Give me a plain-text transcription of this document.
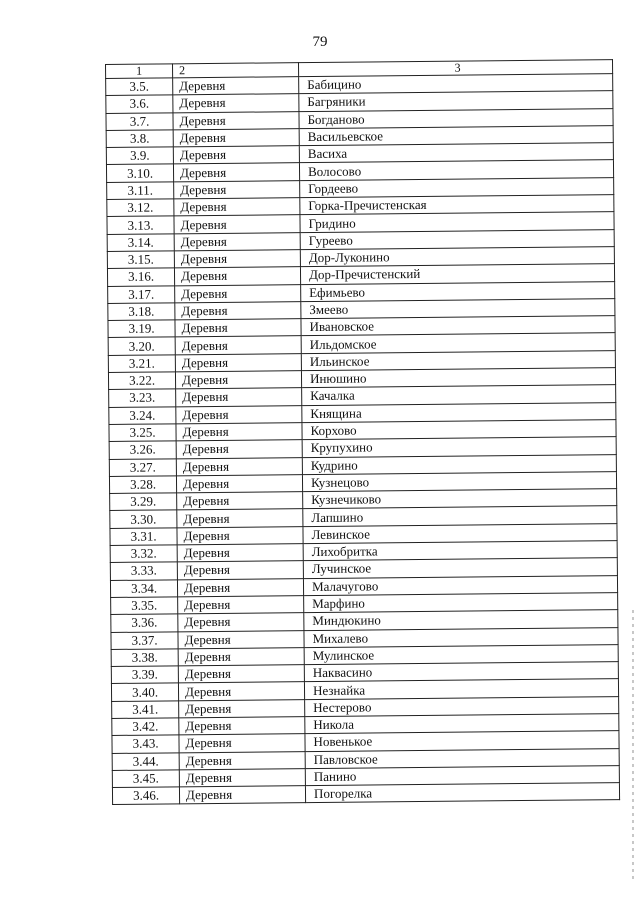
79
1	2	3
3.5.	Деревня	Бабицино
3.6.	Деревня	Багряники
3.7.	Деревня	Богданово
3.8.	Деревня	Васильевское
3.9.	Деревня	Васиха
3.10.	Деревня	Волосово
3.11.	Деревня	Гордеево
3.12.	Деревня	Горка-Пречистенская
3.13.	Деревня	Гридино
3.14.	Деревня	Гуреево
3.15.	Деревня	Дор-Луконино
3.16.	Деревня	Дор-Пречистенский
3.17.	Деревня	Ефимьево
3.18.	Деревня	Змеево
3.19.	Деревня	Ивановское
3.20.	Деревня	Ильдомское
3.21.	Деревня	Ильинское
3.22.	Деревня	Инюшино
3.23.	Деревня	Качалка
3.24.	Деревня	Княщина
3.25.	Деревня	Корхово
3.26.	Деревня	Крупухино
3.27.	Деревня	Кудрино
3.28.	Деревня	Кузнецово
3.29.	Деревня	Кузнечиково
3.30.	Деревня	Лапшино
3.31.	Деревня	Левинское
3.32.	Деревня	Лихобритка
3.33.	Деревня	Лучинское
3.34.	Деревня	Малачугово
3.35.	Деревня	Марфино
3.36.	Деревня	Миндюкино
3.37.	Деревня	Михалево
3.38.	Деревня	Мулинское
3.39.	Деревня	Наквасино
3.40.	Деревня	Незнайка
3.41.	Деревня	Нестерово
3.42.	Деревня	Никола
3.43.	Деревня	Новенькое
3.44.	Деревня	Павловское
3.45.	Деревня	Панино
3.46.	Деревня	Погорелка
